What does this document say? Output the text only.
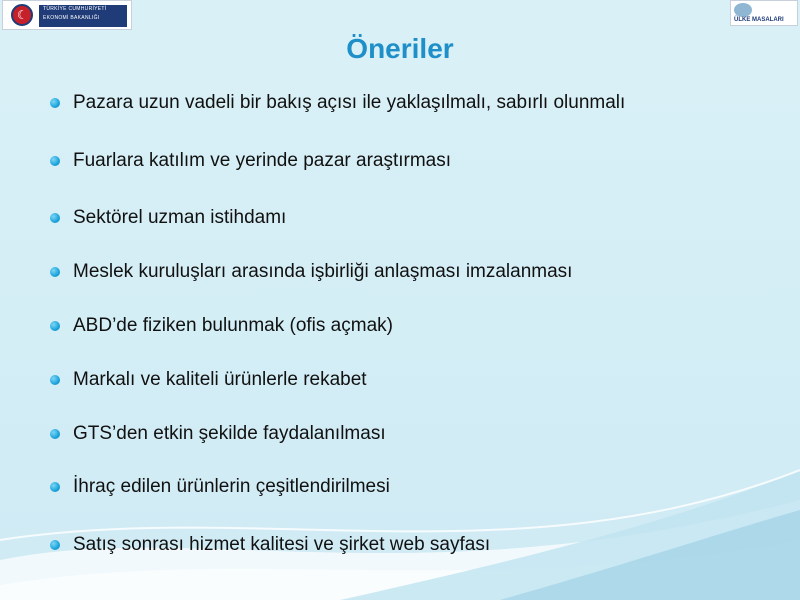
☾
TÜRKİYE CUMHURİYETİ
EKONOMİ BAKANLIĞI	ÜLKE MASALARI
Öneriler
Pazara uzun vadeli bir bakış açısı ile yaklaşılmalı, sabırlı olunmalı
Fuarlara katılım ve yerinde pazar araştırması
Sektörel uzman istihdamı
Meslek kuruluşları arasında işbirliği anlaşması imzalanması
ABD’de fiziken bulunmak (ofis açmak)
Markalı ve kaliteli ürünlerle rekabet
GTS’den etkin şekilde faydalanılması
İhraç edilen ürünlerin çeşitlendirilmesi
Satış sonrası hizmet kalitesi ve şirket web sayfası
